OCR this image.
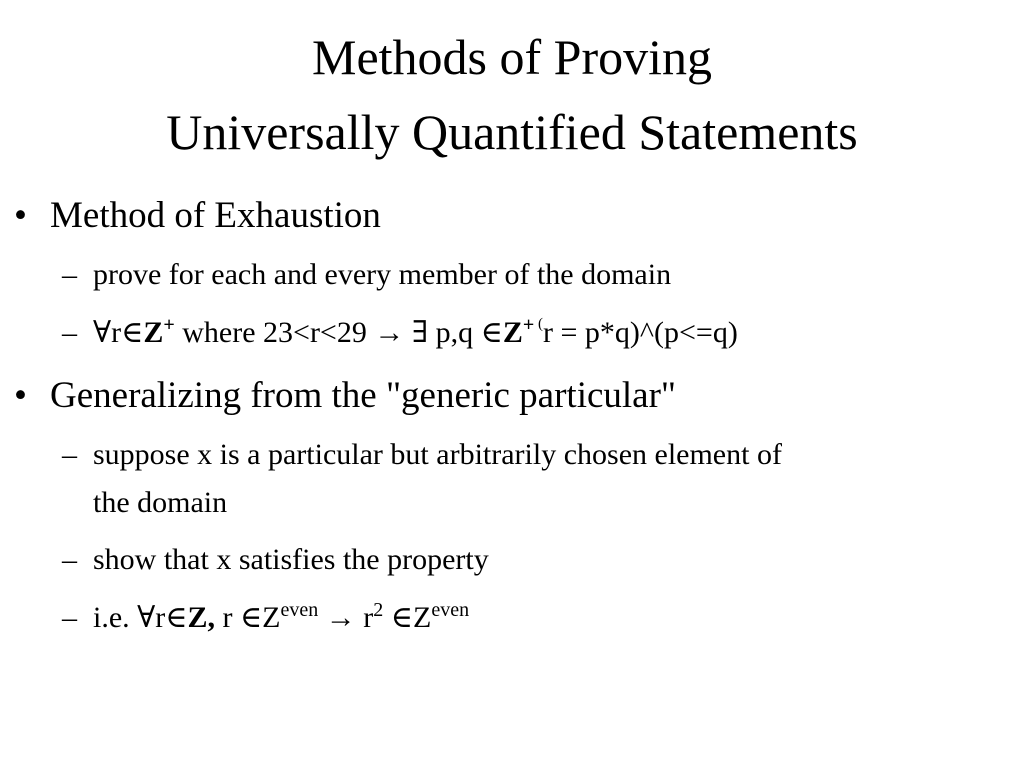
Methods of Proving
Universally Quantified Statements
• Method of Exhaustion
– prove for each and every member of the domain
– ∀r∈Z+ where 23<r<29 → ∃ p,q ∈Z+ (r = p*q)^(p<=q)
• Generalizing from the "generic particular"
– suppose x is a particular but arbitrarily chosen element of
the domain
– show that x satisfies the property
– i.e. ∀r∈Z, r $\in Z^{even} \to r^2$ $\in Z^{even}$
